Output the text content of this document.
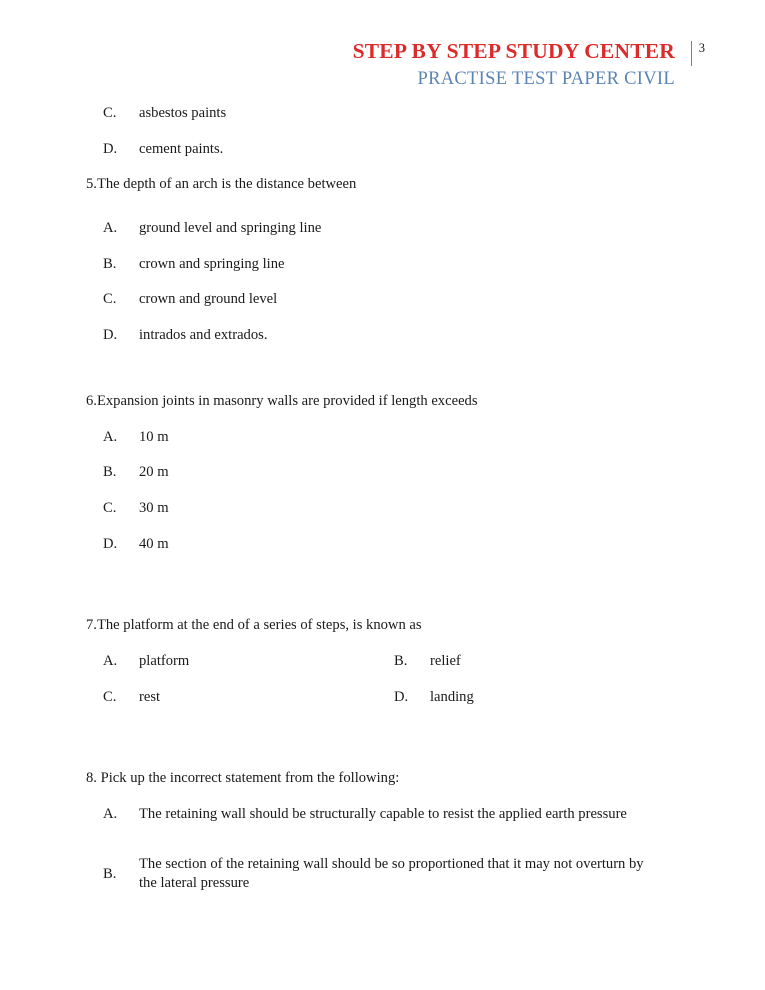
STEP BY STEP STUDY CENTER 3
PRACTISE TEST PAPER CIVIL
C.	asbestos paints
D.	cement paints.
5.The depth of an arch is the distance between
A.	ground level and springing line
B.	crown and springing line
C.	crown and ground level
D.	intrados and extrados.
6.Expansion joints in masonry walls are provided if length exceeds
A.	10 m
B.	20 m
C.	30 m
D.	40 m
7.The platform at the end of a series of steps, is known as
A.	platform	B.	relief
C.	rest	D.	landing
8. Pick up the incorrect statement from the following:
A.	The retaining wall should be structurally capable to resist the applied earth pressure
B.
The section of the retaining wall should be so proportioned that it may not overturn by the lateral pressure
